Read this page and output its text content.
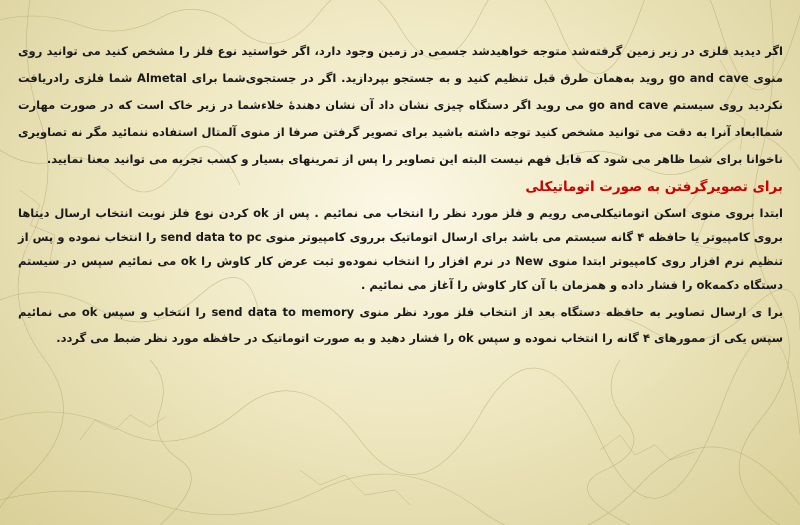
اگر دیدید فلزی در زیر زمین گرفته‌شد متوجه خواهیدشد جسمی در زمین وجود دارد، اگر خواستید نوع فلز را مشخص کنید می توانید روی منوی go and cave روید به‌همان طرق قبل تنظیم کنید و به جستجو بپردازید. اگر در جستجوی‌شما برای Almetal شما فلزی رادریافت نکردید روی سیستم go and cave می روید اگر دستگاه چیزی نشان داد آن نشان دهندهٔ خلاءشما در زیر خاک است که در صورت مهارت شماابعاد آنرا به دقت می توانید مشخص کنید توجه داشته باشید برای تصویر گرفتن صرفا از منوی آلمتال استفاده ننمائید مگر نه تصاویری ناخوانا برای شما ظاهر می شود که قابل فهم نیست البته این تصاویر را پس از تمرینهای بسیار و کسب تجربه می توانید معنا نمایید.

برای تصویرگرفتن به صورت اتوماتیکلی

ابتدا بروی منوی اسکن اتوماتیکلی‌می رویم و فلز مورد نظر را انتخاب می نمائیم . پس از ok کردن نوع فلز نوبت انتخاب ارسال دیتاها بروی کامپیوتر یا حافظه ۴ گانه سیستم می باشد برای ارسال اتوماتیک برروی کامپیوتر منوی send data to pc را انتخاب نموده و پس از تنظیم نرم افزار روی کامپیوتر ابتدا منوی New در نرم افزار را انتخاب نموده‌و ثبت عرض کار کاوش را ok می نمائیم سپس در سیستم دستگاه دکمه‌ok را فشار داده و همزمان با آن کار کاوش را آغاز می نمائیم .

برا ی ارسال تصاویر به حافظه دستگاه بعد از انتخاب فلز مورد نظر منوی send data to memory را انتخاب و سپس ok می نمائیم سپس یکی از ممورهای ۴ گانه را انتخاب نموده و سپس ok را فشار دهید و به صورت اتوماتیک در حافظه مورد نظر ضبط می گردد.
